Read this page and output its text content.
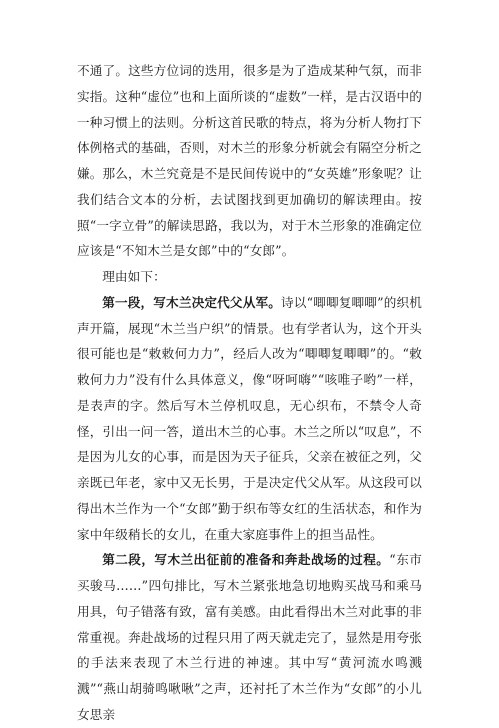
不通了。这些方位词的迭用，很多是为了造成某种气氛，而非实指。这种“虚位”也和上面所谈的“虚数”一样，是古汉语中的一种习惯上的法则。分析这首民歌的特点，将为分析人物打下体例格式的基础，否则，对木兰的形象分析就会有隔空分析之嫌。那么，木兰究竟是不是民间传说中的“女英雄”形象呢？让我们结合文本的分析，去试图找到更加确切的解读理由。按照“一字立骨”的解读思路，我以为，对于木兰形象的准确定位应该是“不知木兰是女郎”中的“女郎”。

理由如下：

第一段，写木兰决定代父从军。诗以“唧唧复唧唧”的织机声开篇，展现“木兰当户织”的情景。也有学者认为，这个开头很可能也是“敕敕何力力”，经后人改为“唧唧复唧唧”的。“敕敕何力力”没有什么具体意义，像“呀呵嗨”“咳唯子哟”一样，是表声的字。然后写木兰停机叹息，无心织布，不禁令人奇怪，引出一问一答，道出木兰的心事。木兰之所以“叹息”，不是因为儿女的心事，而是因为天子征兵，父亲在被征之列，父亲既已年老，家中又无长男，于是决定代父从军。从这段可以得出木兰作为一个“女郎”勤于织布等女红的生活状态，和作为家中年级稍长的女儿，在重大家庭事件上的担当品性。

第二段，写木兰出征前的准备和奔赴战场的过程。“东市买骏马……”四句排比，写木兰紧张地急切地购买战马和乘马用具，句子错落有致，富有美感。由此看得出木兰对此事的非常重视。奔赴战场的过程只用了两天就走完了，显然是用夸张的手法来表现了木兰行进的神速。其中写“黄河流水鸣溅溅”“燕山胡骑鸣啾啾”之声，还衬托了木兰作为“女郎”的小儿女思亲
